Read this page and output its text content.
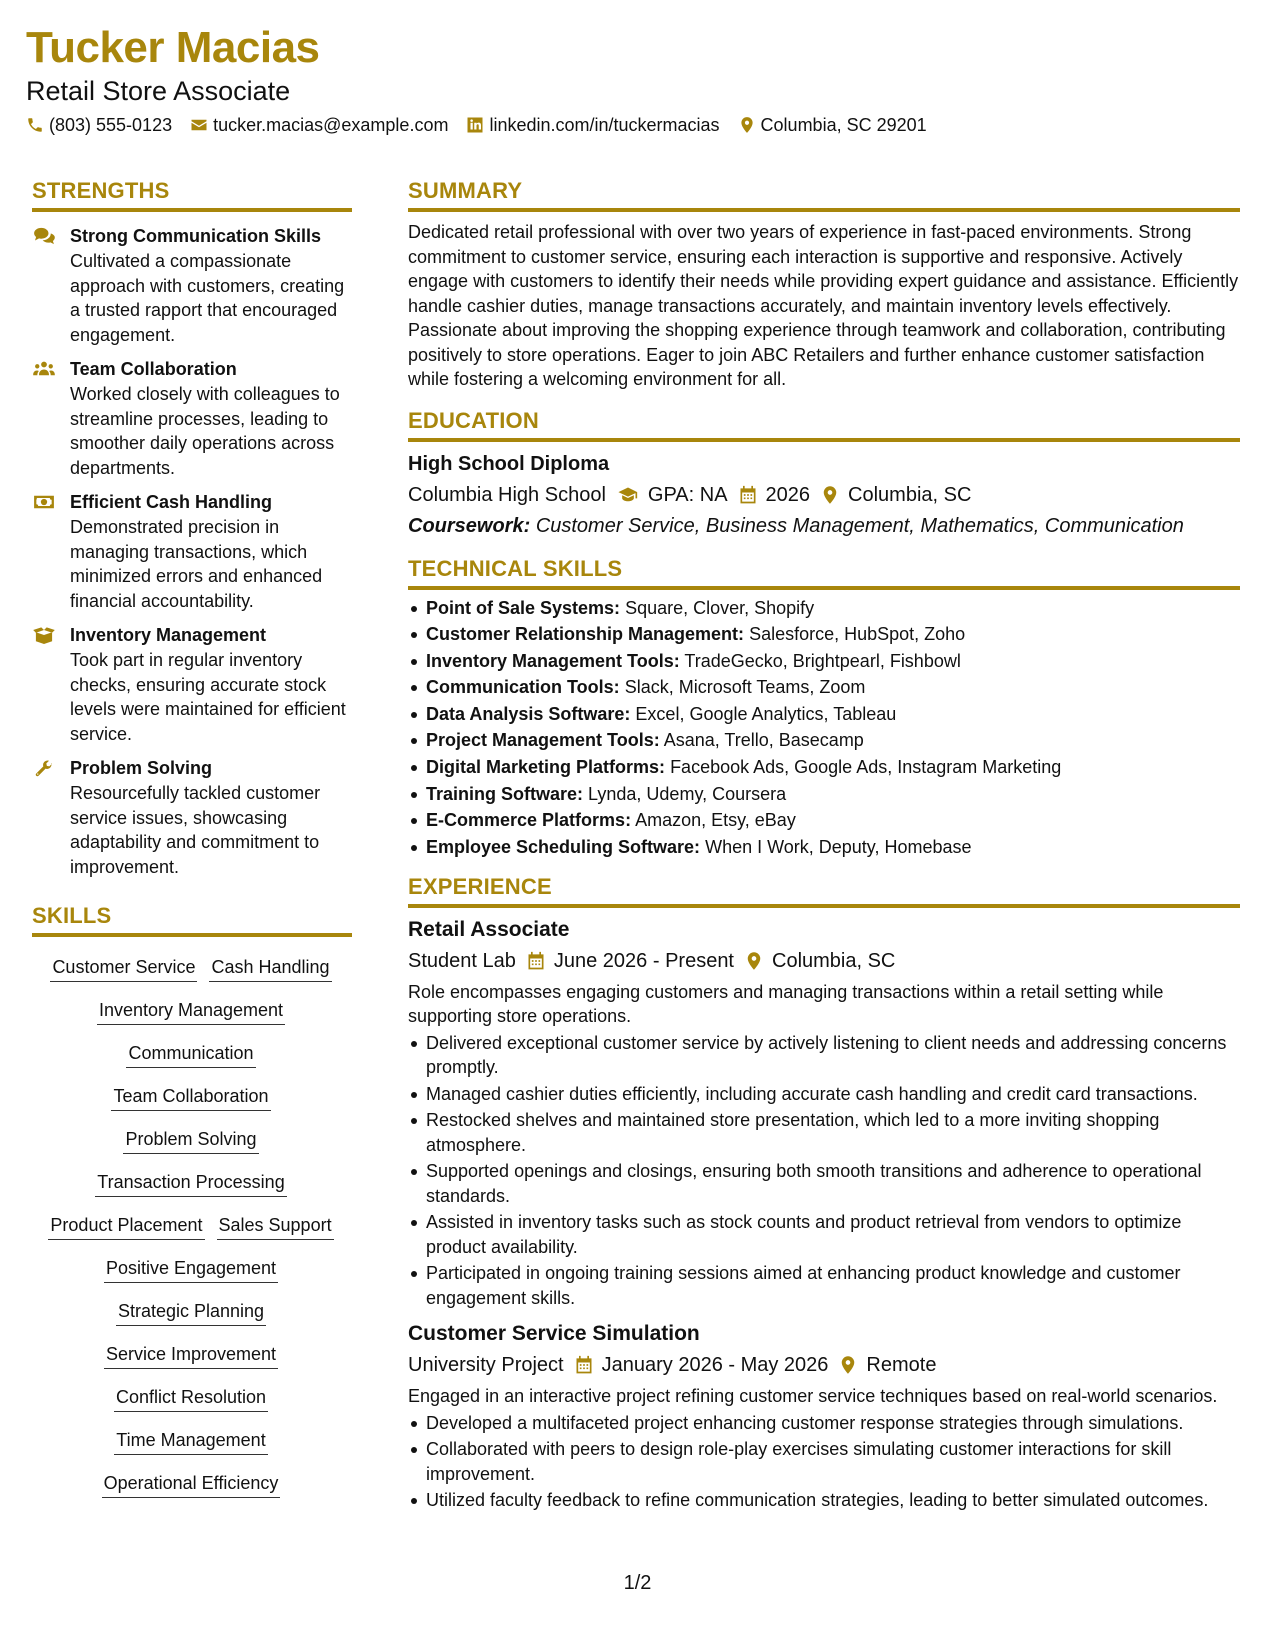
Tucker Macias
Retail Store Associate
(803) 555-0123 tucker.macias@example.com linkedin.com/in/tuckermacias Columbia, SC 29201
STRENGTHS
Strong Communication Skills
Cultivated a compassionate approach with customers, creating a trusted rapport that encouraged engagement.
Team Collaboration
Worked closely with colleagues to streamline processes, leading to smoother daily operations across departments.
Efficient Cash Handling
Demonstrated precision in managing transactions, which minimized errors and enhanced financial accountability.
Inventory Management
Took part in regular inventory checks, ensuring accurate stock levels were maintained for efficient service.
Problem Solving
Resourcefully tackled customer service issues, showcasing adaptability and commitment to improvement.
SKILLS
Customer Service Cash Handling
Inventory Management
Communication
Team Collaboration
Problem Solving
Transaction Processing
Product Placement Sales Support
Positive Engagement
Strategic Planning
Service Improvement
Conflict Resolution
Time Management
Operational Efficiency
SUMMARY
Dedicated retail professional with over two years of experience in fast-paced environments. Strong commitment to customer service, ensuring each interaction is supportive and responsive. Actively engage with customers to identify their needs while providing expert guidance and assistance. Efficiently handle cashier duties, manage transactions accurately, and maintain inventory levels effectively. Passionate about improving the shopping experience through teamwork and collaboration, contributing positively to store operations. Eager to join ABC Retailers and further enhance customer satisfaction while fostering a welcoming environment for all.
EDUCATION
High School Diploma
Columbia High School GPA: NA 2026 Columbia, SC
Coursework: Customer Service, Business Management, Mathematics, Communication
TECHNICAL SKILLS
Point of Sale Systems: Square, Clover, Shopify
Customer Relationship Management: Salesforce, HubSpot, Zoho
Inventory Management Tools: TradeGecko, Brightpearl, Fishbowl
Communication Tools: Slack, Microsoft Teams, Zoom
Data Analysis Software: Excel, Google Analytics, Tableau
Project Management Tools: Asana, Trello, Basecamp
Digital Marketing Platforms: Facebook Ads, Google Ads, Instagram Marketing
Training Software: Lynda, Udemy, Coursera
E-Commerce Platforms: Amazon, Etsy, eBay
Employee Scheduling Software: When I Work, Deputy, Homebase
EXPERIENCE
Retail Associate
Student Lab June 2026 - Present Columbia, SC
Role encompasses engaging customers and managing transactions within a retail setting while supporting store operations.
Delivered exceptional customer service by actively listening to client needs and addressing concerns promptly.
Managed cashier duties efficiently, including accurate cash handling and credit card transactions.
Restocked shelves and maintained store presentation, which led to a more inviting shopping atmosphere.
Supported openings and closings, ensuring both smooth transitions and adherence to operational standards.
Assisted in inventory tasks such as stock counts and product retrieval from vendors to optimize product availability.
Participated in ongoing training sessions aimed at enhancing product knowledge and customer engagement skills.
Customer Service Simulation
University Project January 2026 - May 2026 Remote
Engaged in an interactive project refining customer service techniques based on real-world scenarios.
Developed a multifaceted project enhancing customer response strategies through simulations.
Collaborated with peers to design role-play exercises simulating customer interactions for skill improvement.
Utilized faculty feedback to refine communication strategies, leading to better simulated outcomes.
1/2
